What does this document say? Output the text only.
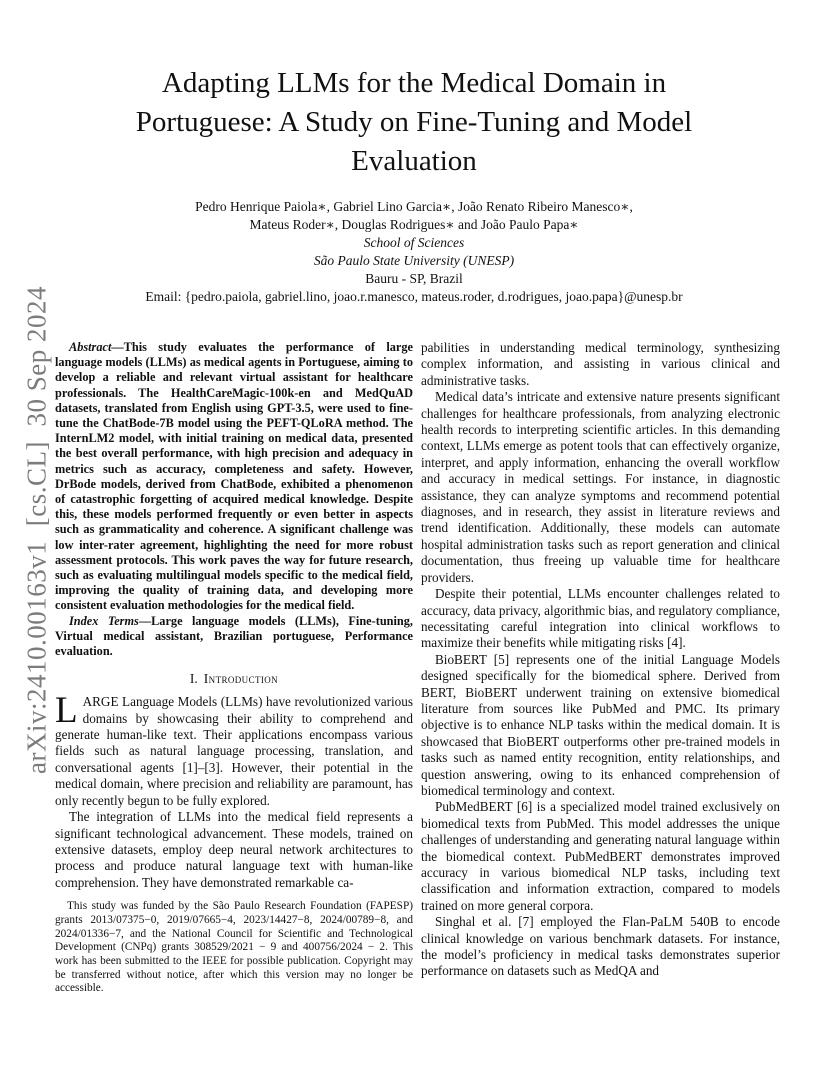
arXiv:2410.00163v1  [cs.CL]  30 Sep 2024
Adapting LLMs for the Medical Domain in Portuguese: A Study on Fine-Tuning and Model Evaluation
Pedro Henrique Paiola∗, Gabriel Lino Garcia∗, João Renato Ribeiro Manesco∗,
Mateus Roder∗, Douglas Rodrigues∗ and João Paulo Papa∗
School of Sciences
São Paulo State University (UNESP)
Bauru - SP, Brazil
Email: {pedro.paiola, gabriel.lino, joao.r.manesco, mateus.roder, d.rodrigues, joao.papa}@unesp.br

Abstract—This study evaluates the performance of large language models (LLMs) as medical agents in Portuguese, aiming to develop a reliable and relevant virtual assistant for healthcare professionals. The HealthCareMagic-100k-en and MedQuAD datasets, translated from English using GPT-3.5, were used to fine-tune the ChatBode-7B model using the PEFT-QLoRA method. The InternLM2 model, with initial training on medical data, presented the best overall performance, with high precision and adequacy in metrics such as accuracy, completeness and safety. However, DrBode models, derived from ChatBode, exhibited a phenomenon of catastrophic forgetting of acquired medical knowledge. Despite this, these models performed frequently or even better in aspects such as grammaticality and coherence. A significant challenge was low inter-rater agreement, highlighting the need for more robust assessment protocols. This work paves the way for future research, such as evaluating multilingual models specific to the medical field, improving the quality of training data, and developing more consistent evaluation methodologies for the medical field.

Index Terms—Large language models (LLMs), Fine-tuning, Virtual medical assistant, Brazilian portuguese, Performance evaluation.

I. Introduction

LARGE Language Models (LLMs) have revolutionized various domains by showcasing their ability to comprehend and generate human-like text. Their applications encompass various fields such as natural language processing, translation, and conversational agents [1]–[3]. However, their potential in the medical domain, where precision and reliability are paramount, has only recently begun to be fully explored.

The integration of LLMs into the medical field represents a significant technological advancement. These models, trained on extensive datasets, employ deep neural network architectures to process and produce natural language text with human-like comprehension. They have demonstrated remarkable ca-

This study was funded by the São Paulo Research Foundation (FAPESP) grants 2013/07375−0, 2019/07665−4, 2023/14427−8, 2024/00789−8, and 2024/01336−7, and the National Council for Scientific and Technological Development (CNPq) grants 308529/2021 − 9 and 400756/2024 − 2. This work has been submitted to the IEEE for possible publication. Copyright may be transferred without notice, after which this version may no longer be accessible.

pabilities in understanding medical terminology, synthesizing complex information, and assisting in various clinical and administrative tasks.

Medical data’s intricate and extensive nature presents significant challenges for healthcare professionals, from analyzing electronic health records to interpreting scientific articles. In this demanding context, LLMs emerge as potent tools that can effectively organize, interpret, and apply information, enhancing the overall workflow and accuracy in medical settings. For instance, in diagnostic assistance, they can analyze symptoms and recommend potential diagnoses, and in research, they assist in literature reviews and trend identification. Additionally, these models can automate hospital administration tasks such as report generation and clinical documentation, thus freeing up valuable time for healthcare providers.

Despite their potential, LLMs encounter challenges related to accuracy, data privacy, algorithmic bias, and regulatory compliance, necessitating careful integration into clinical workflows to maximize their benefits while mitigating risks [4].

BioBERT [5] represents one of the initial Language Models designed specifically for the biomedical sphere. Derived from BERT, BioBERT underwent training on extensive biomedical literature from sources like PubMed and PMC. Its primary objective is to enhance NLP tasks within the medical domain. It is showcased that BioBERT outperforms other pre-trained models in tasks such as named entity recognition, entity relationships, and question answering, owing to its enhanced comprehension of biomedical terminology and context.

PubMedBERT [6] is a specialized model trained exclusively on biomedical texts from PubMed. This model addresses the unique challenges of understanding and generating natural language within the biomedical context. PubMedBERT demonstrates improved accuracy in various biomedical NLP tasks, including text classification and information extraction, compared to models trained on more general corpora.

Singhal et al. [7] employed the Flan-PaLM 540B to encode clinical knowledge on various benchmark datasets. For instance, the model’s proficiency in medical tasks demonstrates superior performance on datasets such as MedQA and
